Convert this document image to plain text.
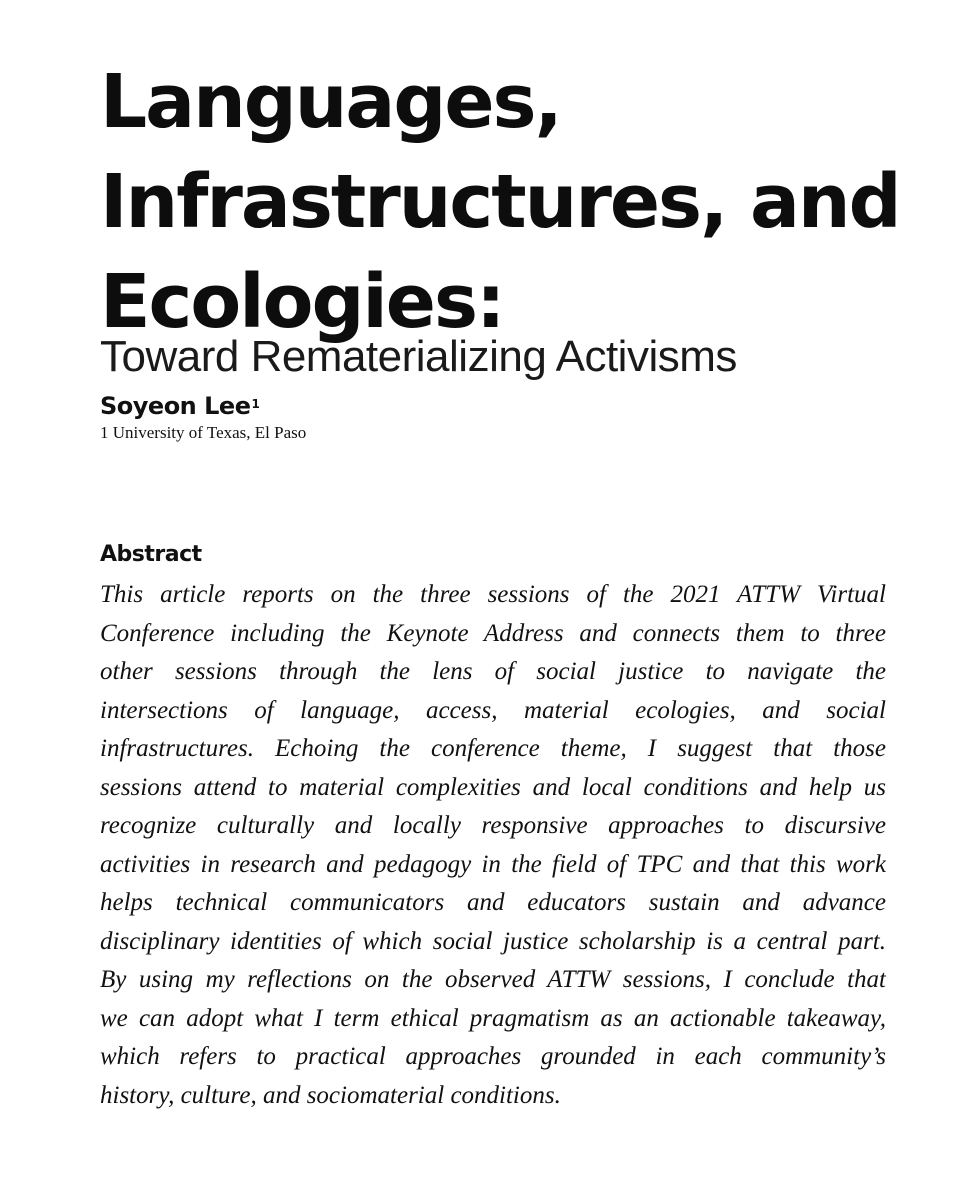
Languages,
Infrastructures, and
Ecologies:
Toward Rematerializing Activisms
Soyeon Lee$^1$
1 University of Texas, El Paso
Abstract
This article reports on the three sessions of the 2021 ATTW Virtual
Conference including the Keynote Address and connects them to three
other sessions through the lens of social justice to navigate the
intersections of language, access, material ecologies, and social
infrastructures. Echoing the conference theme, I suggest that those
sessions attend to material complexities and local conditions and help us
recognize culturally and locally responsive approaches to discursive
activities in research and pedagogy in the field of TPC and that this work
helps technical communicators and educators sustain and advance
disciplinary identities of which social justice scholarship is a central part.
By using my reflections on the observed ATTW sessions, I conclude that
we can adopt what I term ethical pragmatism as an actionable takeaway,
which refers to practical approaches grounded in each community’s
history, culture, and sociomaterial conditions.
